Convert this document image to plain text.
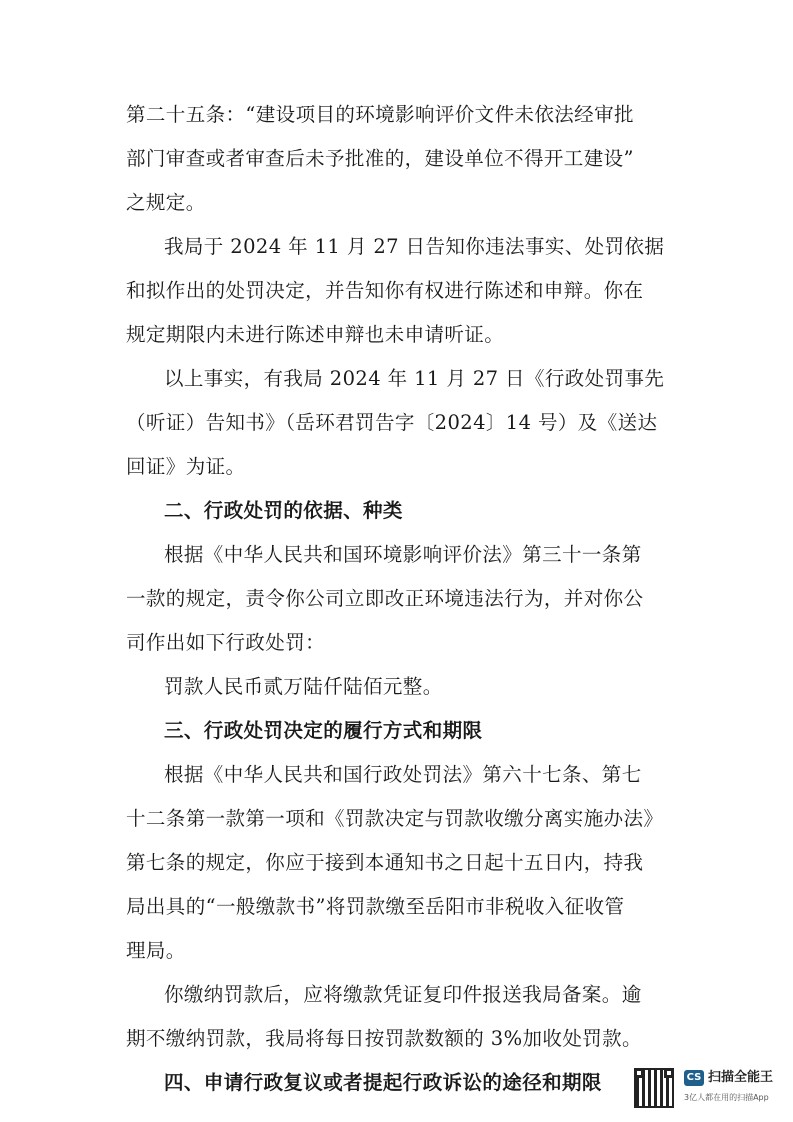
第二十五条：“建设项目的环境影响评价文件未依法经审批
部门审查或者审查后未予批准的，建设单位不得开工建设”
之规定。
我局于 2024 年 11 月 27 日告知你违法事实、处罚依据
和拟作出的处罚决定，并告知你有权进行陈述和申辩。你在
规定期限内未进行陈述申辩也未申请听证。
以上事实，有我局 2024 年 11 月 27 日《行政处罚事先
（听证）告知书》（岳环君罚告字〔2024〕14 号）及《送达
回证》为证。
二、行政处罚的依据、种类
根据《中华人民共和国环境影响评价法》第三十一条第
一款的规定，责令你公司立即改正环境违法行为，并对你公
司作出如下行政处罚：
罚款人民币贰万陆仟陆佰元整。
三、行政处罚决定的履行方式和期限
根据《中华人民共和国行政处罚法》第六十七条、第七
十二条第一款第一项和《罚款决定与罚款收缴分离实施办法》
第七条的规定，你应于接到本通知书之日起十五日内，持我
局出具的“一般缴款书”将罚款缴至岳阳市非税收入征收管
理局。
你缴纳罚款后，应将缴款凭证复印件报送我局备案。逾
期不缴纳罚款，我局将每日按罚款数额的 3%加收处罚款。
四、申请行政复议或者提起行政诉讼的途径和期限	CS 扫描全能王
3亿人都在用的扫描App
